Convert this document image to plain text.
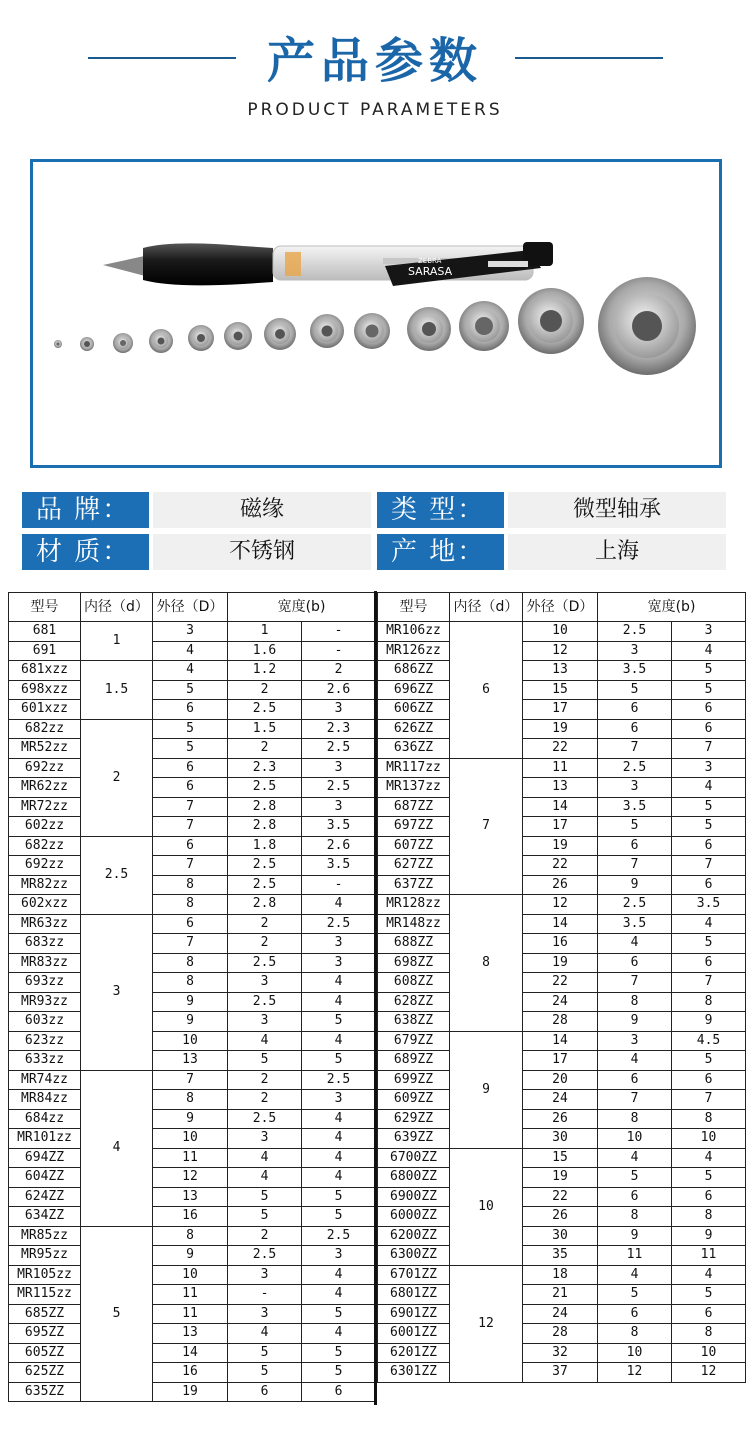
产品参数
PRODUCT PARAMETERS
SARASA
ZEBRA
品 牌：	磁缘	类 型：	微型轴承
材 质：	不锈钢	产 地：	上海
型号	内径（d）	外径（D）	宽度(b)	
681	1	3	1	-
691		4	1.6	-
681xzz	1.5	4	1.2	2
698xzz		5	2	2.6
601xzz		6	2.5	3
682zz	2	5	1.5	2.3
MR52zz		5	2	2.5
692zz		6	2.3	3
MR62zz		6	2.5	2.5
MR72zz		7	2.8	3
602zz		7	2.8	3.5
682zz	2.5	6	1.8	2.6
692zz		7	2.5	3.5
MR82zz		8	2.5	-
602xzz		8	2.8	4
MR63zz	3	6	2	2.5
683zz		7	2	3
MR83zz		8	2.5	3
693zz		8	3	4
MR93zz		9	2.5	4
603zz		9	3	5
623zz		10	4	4
633zz		13	5	5
MR74zz	4	7	2	2.5
MR84zz		8	2	3
684zz		9	2.5	4
MR101zz		10	3	4
694ZZ		11	4	4
604ZZ		12	4	4
624ZZ		13	5	5
634ZZ		16	5	5
MR85zz	5	8	2	2.5
MR95zz		9	2.5	3
MR105zz		10	3	4
MR115zz		11	-	4
685ZZ		11	3	5
695ZZ		13	4	4
605ZZ		14	5	5
625ZZ		16	5	5
635ZZ		19	6	6
型号	内径（d）	外径（D）	宽度(b)	
MR106zz	6	10	2.5	3
MR126zz		12	3	4
686ZZ		13	3.5	5
696ZZ		15	5	5
606ZZ		17	6	6
626ZZ		19	6	6
636ZZ		22	7	7
MR117zz	7	11	2.5	3
MR137zz		13	3	4
687ZZ		14	3.5	5
697ZZ		17	5	5
607ZZ		19	6	6
627ZZ		22	7	7
637ZZ		26	9	6
MR128zz	8	12	2.5	3.5
MR148zz		14	3.5	4
688ZZ		16	4	5
698ZZ		19	6	6
608ZZ		22	7	7
628ZZ		24	8	8
638ZZ		28	9	9
679ZZ	9	14	3	4.5
689ZZ		17	4	5
699ZZ		20	6	6
609ZZ		24	7	7
629ZZ		26	8	8
639ZZ		30	10	10
6700ZZ	10	15	4	4
6800ZZ		19	5	5
6900ZZ		22	6	6
6000ZZ		26	8	8
6200ZZ		30	9	9
6300ZZ		35	11	11
6701ZZ	12	18	4	4
6801ZZ		21	5	5
6901ZZ		24	6	6
6001ZZ		28	8	8
6201ZZ		32	10	10
6301ZZ		37	12	12
